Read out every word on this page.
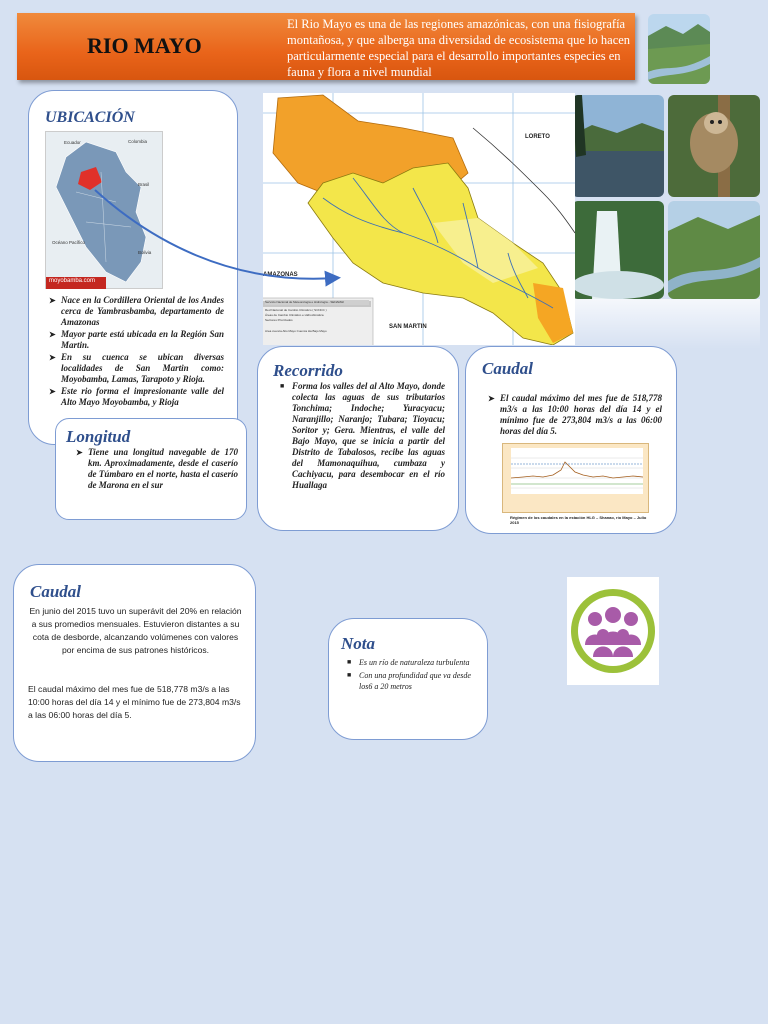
RIO MAYO
El Rio Mayo es una de las regiones amazónicas, con una fisiografía montañosa, y que alberga una diversidad de ecosistema que lo hacen particularmente especial para el desarrollo importantes especies en fauna y flora a nivel mundial
LORETO
AMAZONAS
SAN MARTIN
Servicio Nacional de Meteorología e Hidrología - SENAMHI
Red Nacional de Cambio Climático ( SCNCC )
Áreas de Cambio Climático e Hidroclimática
Sectores Priorizados
Area cuenca Alto Mayo Cuenca Ha Bajo Mayo
UBICACIÓN
Ecuador	Colombia
Brasil
Bolivia
Océano Pacífico
moyobamba.com
➤ Nace en la Cordillera Oriental de los Andes cerca de Yambrasbamba, departamento de Amazonas
➤ Mayor parte está ubicada en la Región San Martin.
➤ En su cuenca se ubican diversas localidades de San Martin como: Moyobamba, Lamas, Tarapoto y Rioja.
➤ Este rio forma el impresionante valle del Alto Mayo Moyobamba, y Rioja
Longitud
➤ Tiene una longitud navegable de 170 km. Aproximadamente, desde el caserío de Túmbaro en el norte, hasta el caserío de Marona en el sur
Recorrido
■ Forma los valles del al Alto Mayo, donde colecta las aguas de sus tributarios Tonchima; Indoche; Yuracyacu; Naranjillo; Naranjo; Tubara; Tioyacu; Soritor y; Gera. Mientras, el valle del Bajo Mayo, que se inicia a partir del Distrito de Tabalosos, recibe las aguas del Mamonaquihua, cumbaza y Cachiyacu, para desembocar en el río Huallaga
Caudal
➤ El caudal máximo del mes fue de 518,778 m3/s a las 10:00 horas del día 14 y el mínimo fue de 273,804 m3/s a las 06:00 horas del día 5.
Régimen de los caudales en la estación HLG – Shanao, río Mayo – Julio 2015
Caudal
En junio del 2015 tuvo un superávit del 20% en relación a sus promedios mensuales. Estuvieron distantes a su cota de desborde, alcanzando volúmenes con valores por encima de sus patrones históricos.
El caudal máximo del mes fue de 518,778 m3/s a las 10:00 horas del día 14 y el mínimo fue de 273,804 m3/s a las 06:00 horas del día 5.
Nota
■ Es un río de naturaleza turbulenta
■ Con una profundidad que va desde los6 a 20 metros
